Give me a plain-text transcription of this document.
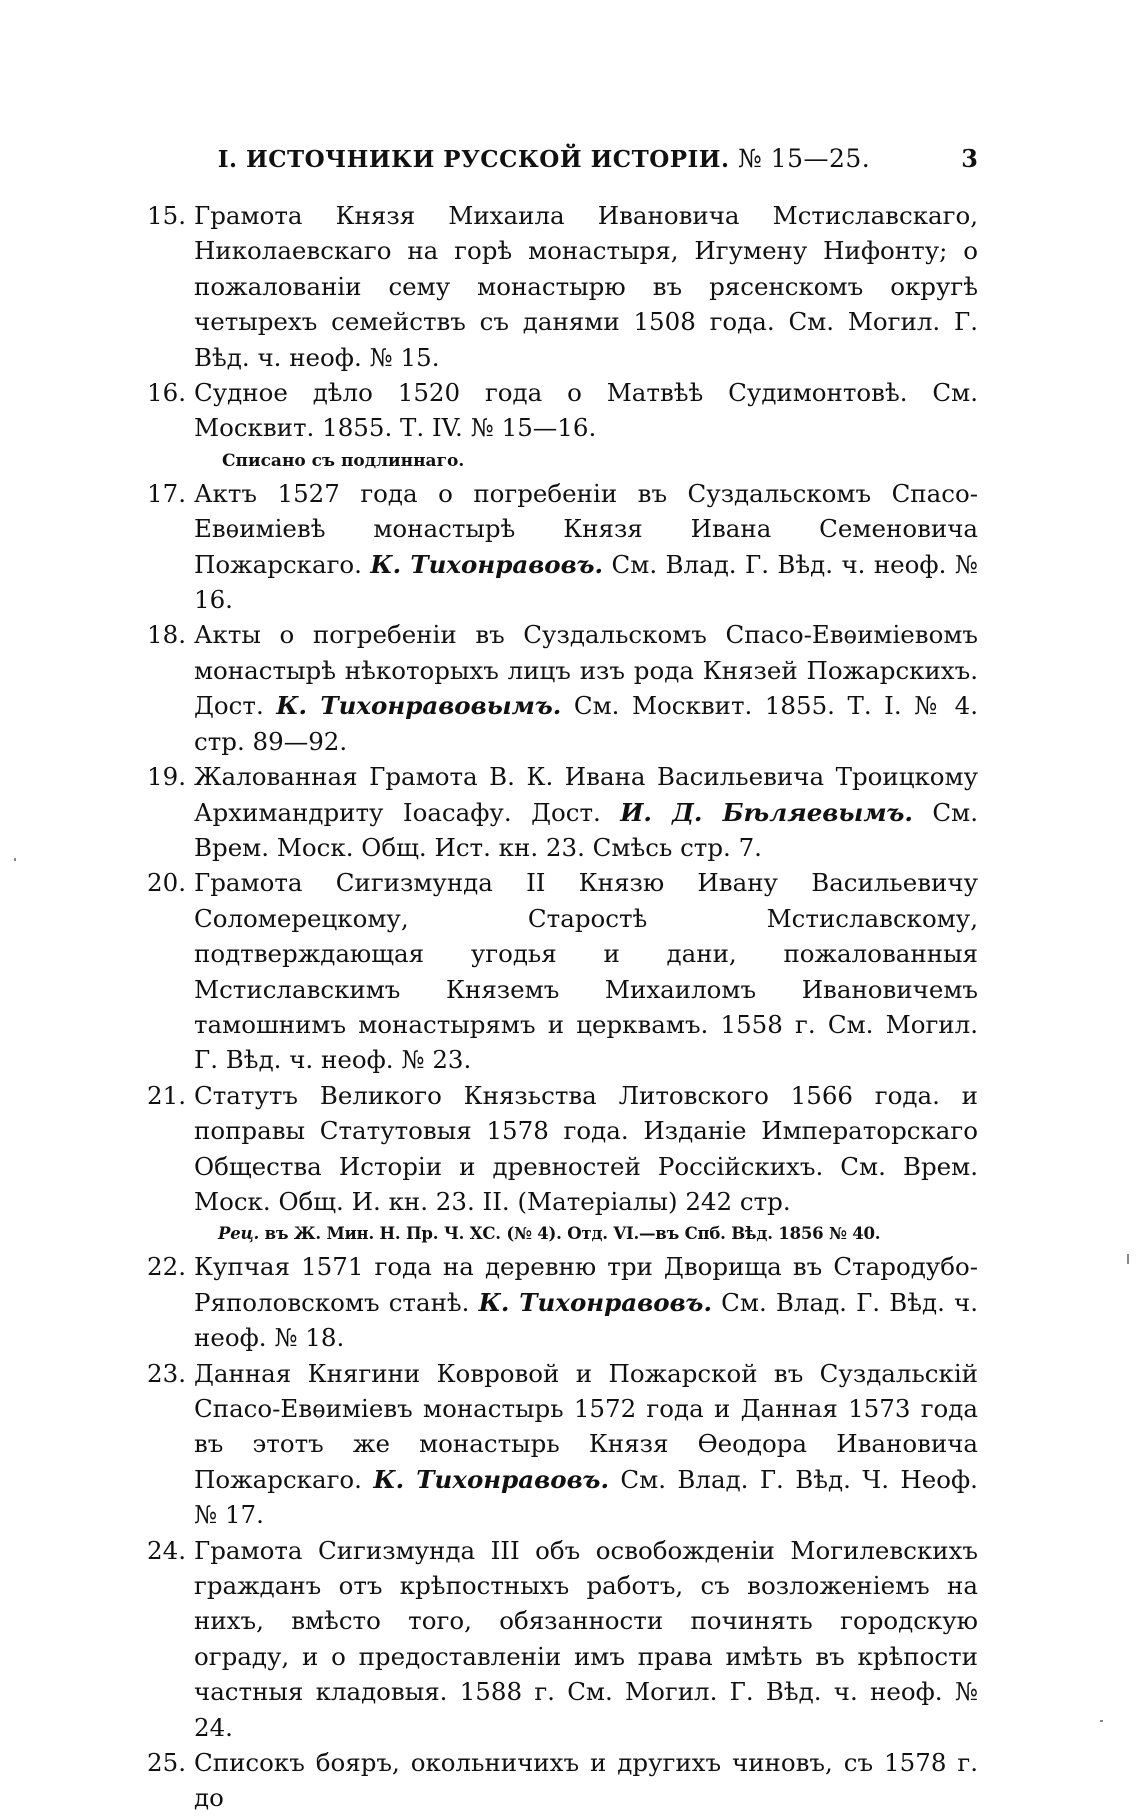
I. ИСТОЧНИКИ РУССКОЙ ИСТОРІИ. № 15—25.	3
15. Грамота Князя Михаила Ивановича Мстиславскаго, Николаевскаго на горѣ монастыря, Игумену Нифонту; о пожалованіи сему монастырю въ рясенскомъ округѣ четырехъ семействъ съ данями 1508 года. См. Могил. Г. Вѣд. ч. неоф. № 15.
16. Судное дѣло 1520 года о Матвѣѣ Судимонтовѣ. См. Москвит. 1855. Т. IV. № 15—16.
Списано съ подлиннаго.
17. Актъ 1527 года о погребеніи въ Суздальскомъ Спасо-Евѳиміевѣ монастырѣ Князя Ивана Семеновича Пожарскаго. К. Тихонравовъ. См. Влад. Г. Вѣд. ч. неоф. № 16.
18. Акты о погребеніи въ Суздальскомъ Спасо-Евѳиміевомъ монастырѣ нѣкоторыхъ лицъ изъ рода Князей Пожарскихъ. Дост. К. Тихонравовымъ. См. Москвит. 1855. Т. I. № 4. стр. 89—92.
19. Жалованная Грамота В. К. Ивана Васильевича Троицкому Архимандриту Іоасафу. Дост. И. Д. Бѣляевымъ. См. Врем. Моск. Общ. Ист. кн. 23. Смѣсь стр. 7.
20. Грамота Сигизмунда II Князю Ивану Васильевичу Соломерецкому, Старостѣ Мстиславскому, подтверждающая угодья и дани, пожалованныя Мстиславскимъ Княземъ Михаиломъ Ивановичемъ тамошнимъ монастырямъ и церквамъ. 1558 г. См. Могил. Г. Вѣд. ч. неоф. № 23.
21. Статутъ Великого Князьства Литовского 1566 года. и поправы Статутовыя 1578 года. Изданіе Императорскаго Общества Исторіи и древностей Россійскихъ. См. Врем. Моск. Общ. И. кн. 23. II. (Матеріалы) 242 стр.
Рец. въ Ж. Мин. Н. Пр. Ч. ХС. (№ 4). Отд. VI.—въ Спб. Вѣд. 1856 № 40.
22. Купчая 1571 года на деревню три Дворища въ Стародубо-Ряполовскомъ станѣ. К. Тихонравовъ. См. Влад. Г. Вѣд. ч. неоф. № 18.
23. Данная Княгини Ковровой и Пожарской въ Суздальскій Спасо-Евѳиміевъ монастырь 1572 года и Данная 1573 года въ этотъ же монастырь Князя Ѳеодора Ивановича Пожарскаго. К. Тихонравовъ. См. Влад. Г. Вѣд. Ч. Неоф. № 17.
24. Грамота Сигизмунда III объ освобожденіи Могилевскихъ гражданъ отъ крѣпостныхъ работъ, съ возложеніемъ на нихъ, вмѣсто того, обязанности починять городскую ограду, и о предоставленіи имъ права имѣть въ крѣпости частныя кладовыя. 1588 г. См. Могил. Г. Вѣд. ч. неоф. № 24.
25. Списокъ бояръ, окольничихъ и другихъ чиновъ, съ 1578 г. до
